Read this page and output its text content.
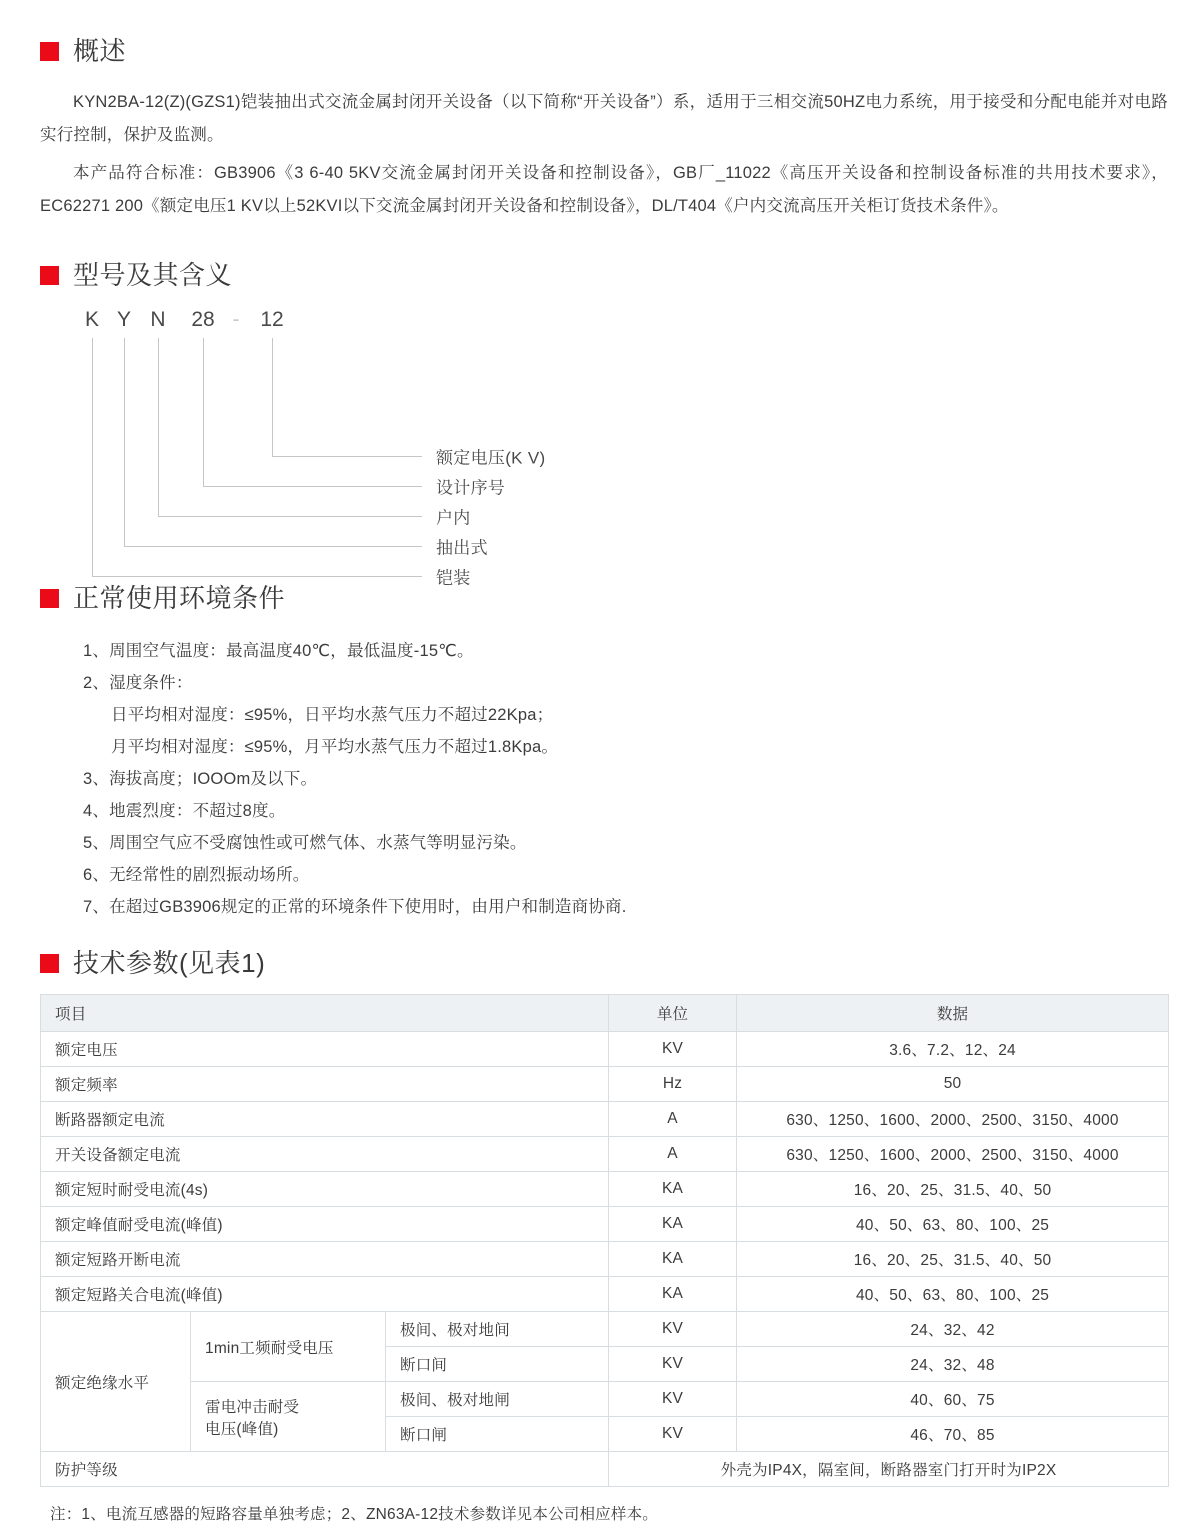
概述

KYN2BA-12(Z)(GZS1)铠装抽出式交流金属封闭开关设备（以下简称“开关设备”）系，适用于三相交流50HZ电力系统，用于接受和分配电能并对电路实行控制，保护及监测。

本产品符合标准：GB3906《3 6-40 5KV交流金属封闭开关设备和控制设备》，GB厂_11022《高压开关设备和控制设备标准的共用技术要求》，EC62271 200《额定电压1 KV以上52KVI以下交流金属封闭开关设备和控制设备》，DL/T404《户内交流高压开关柜订货技术条件》。

型号及其含义
K Y N 28 - 12
额定电压(K V)
设计序号
户内
抽出式
铠装
正常使用环境条件
1、周围空气温度：最高温度40℃，最低温度-15℃。
2、湿度条件：
日平均相对湿度：≤95%，日平均水蒸气压力不超过22Kpa；
月平均相对湿度：≤95%，月平均水蒸气压力不超过1.8Kpa。
3、海拔高度；IOOOm及以下。
4、地震烈度：不超过8度。
5、周围空气应不受腐蚀性或可燃气体、水蒸气等明显污染。
6、无经常性的剧烈振动场所。
7、在超过GB3906规定的正常的环境条件下使用时，由用户和制造商协商.
技术参数(见表1)
项目			单位	数据

额定电压			KV	3.6、7.2、12、24
额定频率			Hz	50
断路器额定电流			A	630、1250、1600、2000、2500、3150、4000
开关设备额定电流			A	630、1250、1600、2000、2500、3150、4000
额定短时耐受电流(4s)			KA	16、20、25、31.5、40、50
额定峰值耐受电流(峰值)			KA	40、50、63、80、100、25
额定短路开断电流			KA	16、20、25、31.5、40、50
额定短路关合电流(峰值)			KA	40、50、63、80、100、25
额定绝缘水平	1min工频耐受电压	极间、极对地间	KV	24、32、42
		断口间	KV	24、32、48
	雷电冲击耐受
电压(峰值)	极间、极对地闸	KV	40、60、75
		断口闸	KV	46、70、85
防护等级			外壳为IP4X，隔室间，断路器室门打开时为IP2X	
注：1、电流互感器的短路容量单独考虑；2、ZN63A-12技术参数详见本公司相应样本。
